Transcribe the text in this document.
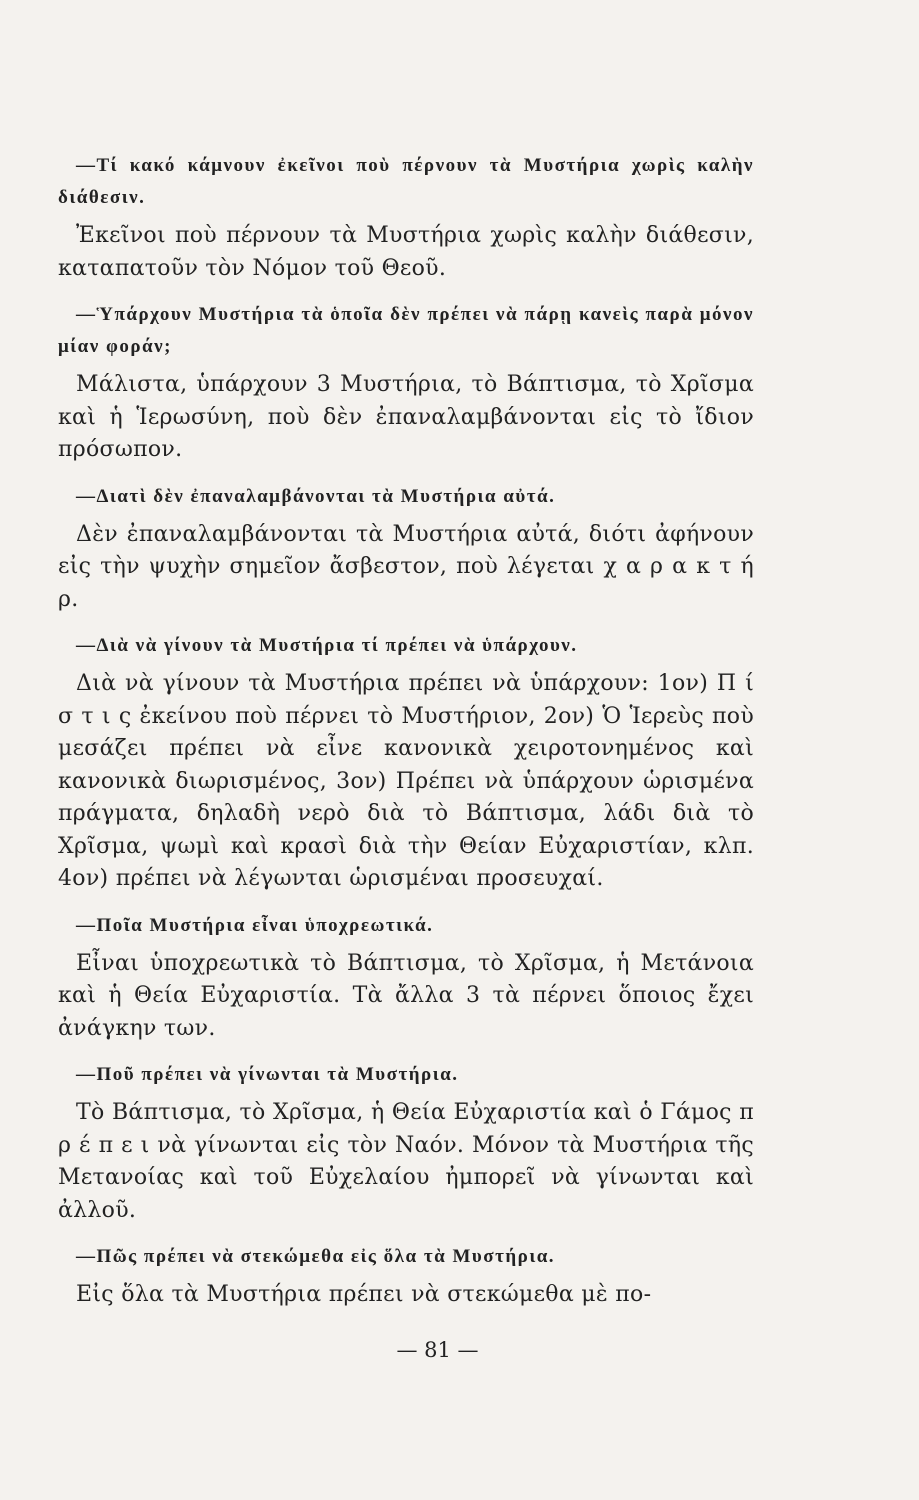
—Τί κακό κάμνουν ἐκεῖνοι ποὺ πέρνουν τὰ Μυστήρια χωρὶς καλὴν διάθεσιν.

Ἐκεῖνοι ποὺ πέρνουν τὰ Μυστήρια χωρὶς καλὴν διάθεσιν, καταπατοῦν τὸν Νόμον τοῦ Θεοῦ.

—Ὑπάρχουν Μυστήρια τὰ ὁποῖα δὲν πρέπει νὰ πάρῃ κανεὶς παρὰ μόνον μίαν φοράν;

Μάλιστα, ὑπάρχουν 3 Μυστήρια, τὸ Βάπτισμα, τὸ Χρῖσμα καὶ ἡ Ἱερωσύνη, ποὺ δὲν ἐπαναλαμβάνονται εἰς τὸ ἴδιον πρόσωπον.

—Διατὶ δὲν ἐπαναλαμβάνονται τὰ Μυστήρια αὐτά.

Δὲν ἐπαναλαμβάνονται τὰ Μυστήρια αὐτά, διότι ἀφήνουν εἰς τὴν ψυχὴν σημεῖον ἄσβεστον, ποὺ λέγεται χ α ρ α κ τ ή ρ.

—Διὰ νὰ γίνουν τὰ Μυστήρια τί πρέπει νὰ ὑπάρχουν.

Διὰ νὰ γίνουν τὰ Μυστήρια πρέπει νὰ ὑπάρχουν: 1ον) Π ί σ τ ι ς ἐκείνου ποὺ πέρνει τὸ Μυστήριον, 2ον) Ὁ Ἱερεὺς ποὺ μεσάζει πρέπει νὰ εἶνε κανονικὰ χειροτονημένος καὶ κανονικὰ διωρισμένος, 3ον) Πρέπει νὰ ὑπάρχουν ὡρισμένα πράγματα, δηλαδὴ νερὸ διὰ τὸ Βάπτισμα, λάδι διὰ τὸ Χρῖσμα, ψωμὶ καὶ κρασὶ διὰ τὴν Θείαν Εὐχαριστίαν, κλπ. 4ον) πρέπει νὰ λέγωνται ὡρισμέναι προσευχαί.

—Ποῖα Μυστήρια εἶναι ὑποχρεωτικά.

Εἶναι ὑποχρεωτικὰ τὸ Βάπτισμα, τὸ Χρῖσμα, ἡ Μετάνοια καὶ ἡ Θεία Εὐχαριστία. Τὰ ἄλλα 3 τὰ πέρνει ὅποιος ἔχει ἀνάγκην των.

—Ποῦ πρέπει νὰ γίνωνται τὰ Μυστήρια.

Τὸ Βάπτισμα, τὸ Χρῖσμα, ἡ Θεία Εὐχαριστία καὶ ὁ Γάμος π ρ έ π ε ι νὰ γίνωνται εἰς τὸν Ναόν. Μόνον τὰ Μυστήρια τῆς Μετανοίας καὶ τοῦ Εὐχελαίου ἠμπορεῖ νὰ γίνωνται καὶ ἀλλοῦ.

—Πῶς πρέπει νὰ στεκώμεθα εἰς ὅλα τὰ Μυστήρια.

Εἰς ὅλα τὰ Μυστήρια πρέπει νὰ στεκώμεθα μὲ πο-

— 81 —
